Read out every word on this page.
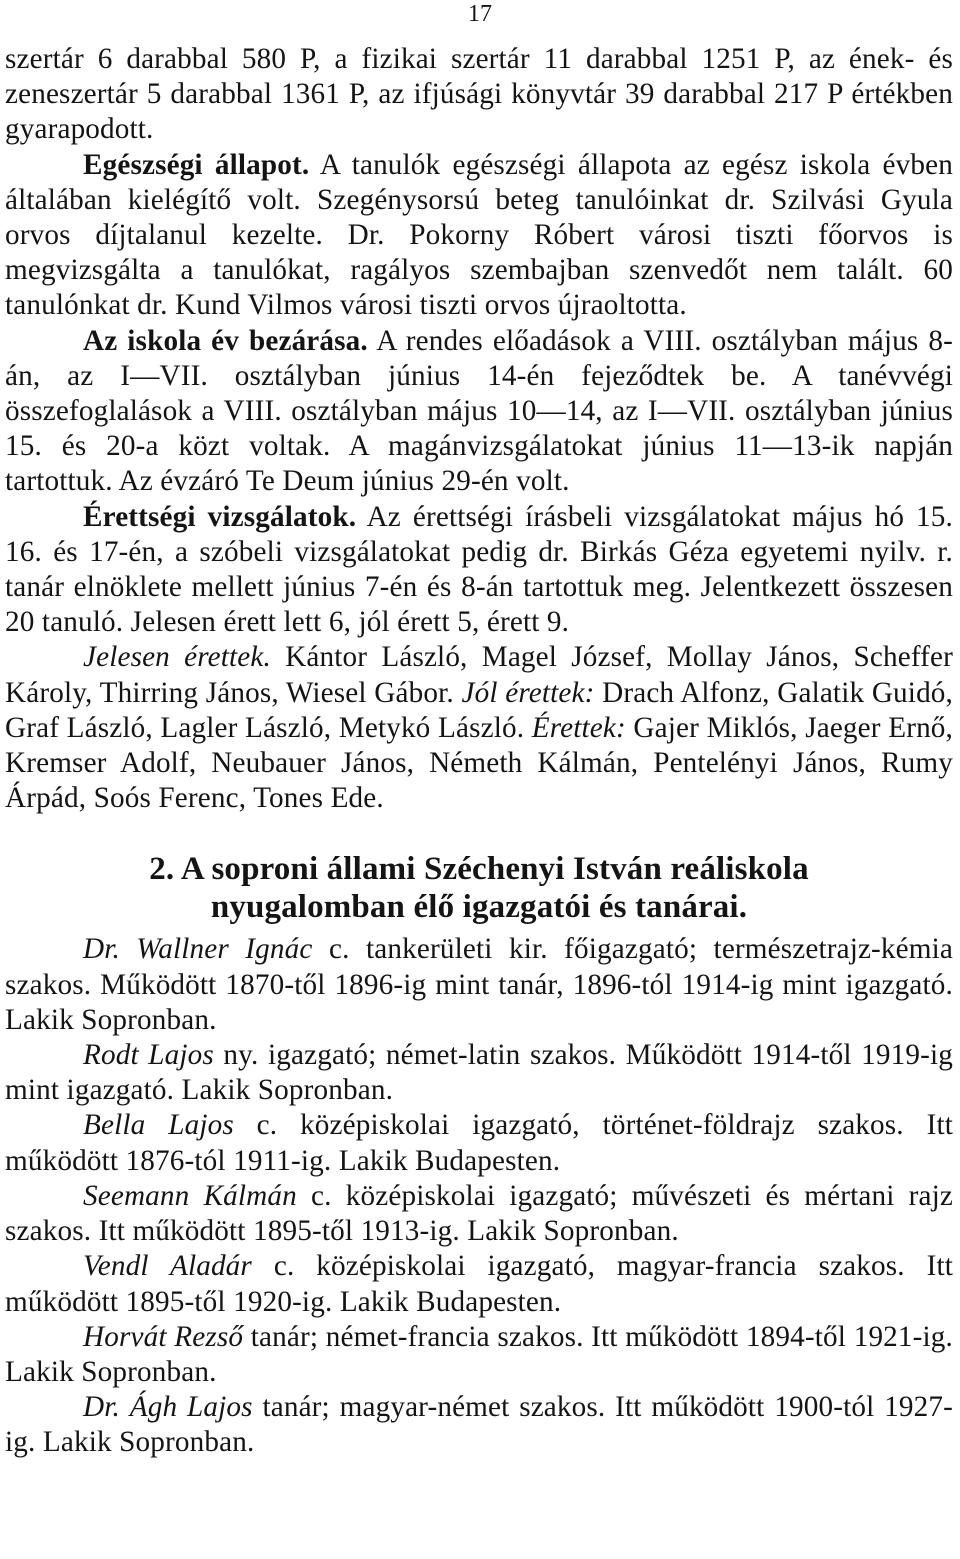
17

szertár 6 darabbal 580 P, a fizikai szertár 11 darabbal 1251 P, az ének- és zeneszertár 5 darabbal 1361 P, az ifjúsági könyvtár 39 darabbal 217 P értékben gyarapodott.

Egészségi állapot. A tanulók egészségi állapota az egész iskola évben általában kielégítő volt. Szegénysorsú beteg tanulóinkat dr. Szilvási Gyula orvos díjtalanul kezelte. Dr. Pokorny Róbert városi tiszti főorvos is megvizsgálta a tanulókat, ragályos szembajban szenvedőt nem talált. 60 tanulónkat dr. Kund Vilmos városi tiszti orvos újraoltotta.

Az iskola év bezárása. A rendes előadások a VIII. osztályban május 8-án, az I—VII. osztályban június 14-én fejeződtek be. A tanévvégi összefoglalások a VIII. osztályban május 10—14, az I—VII. osztályban június 15. és 20-a közt voltak. A magánvizsgálatokat június 11—13-ik napján tartottuk. Az évzáró Te Deum június 29-én volt.

Érettségi vizsgálatok. Az érettségi írásbeli vizsgálatokat május hó 15. 16. és 17-én, a szóbeli vizsgálatokat pedig dr. Birkás Géza egyetemi nyilv. r. tanár elnöklete mellett június 7-én és 8-án tartottuk meg. Jelentkezett összesen 20 tanuló. Jelesen érett lett 6, jól érett 5, érett 9.

Jelesen érettek. Kántor László, Magel József, Mollay János, Scheffer Károly, Thirring János, Wiesel Gábor. Jól érettek: Drach Alfonz, Galatik Guidó, Graf László, Lagler László, Metykó László. Érettek: Gajer Miklós, Jaeger Ernő, Kremser Adolf, Neubauer János, Németh Kálmán, Pentelényi János, Rumy Árpád, Soós Ferenc, Tones Ede.

2. A soproni állami Széchenyi István reáliskola
nyugalomban élő igazgatói és tanárai.

Dr. Wallner Ignác c. tankerületi kir. főigazgató; természetrajz-kémia szakos. Működött 1870-től 1896-ig mint tanár, 1896-tól 1914-ig mint igazgató. Lakik Sopronban.

Rodt Lajos ny. igazgató; német-latin szakos. Működött 1914-től 1919-ig mint igazgató. Lakik Sopronban.

Bella Lajos c. középiskolai igazgató, történet-földrajz szakos. Itt működött 1876-tól 1911-ig. Lakik Budapesten.

Seemann Kálmán c. középiskolai igazgató; művészeti és mértani rajz szakos. Itt működött 1895-től 1913-ig. Lakik Sopronban.

Vendl Aladár c. középiskolai igazgató, magyar-francia szakos. Itt működött 1895-től 1920-ig. Lakik Budapesten.

Horvát Rezső tanár; német-francia szakos. Itt működött 1894-től 1921-ig. Lakik Sopronban.

Dr. Ágh Lajos tanár; magyar-német szakos. Itt működött 1900-tól 1927-ig. Lakik Sopronban.
